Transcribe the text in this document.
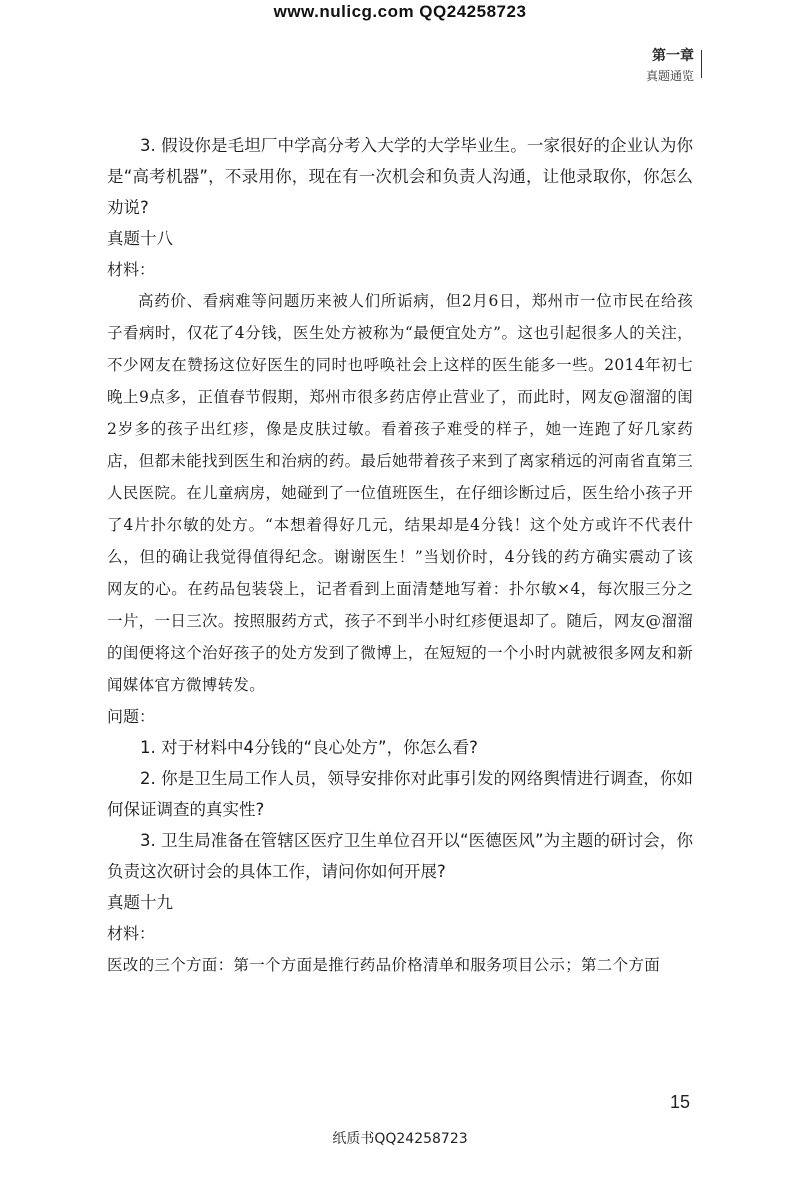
www.nulicg.com QQ24258723
第一章
真题通览

3. 假设你是毛坦厂中学高分考入大学的大学毕业生。一家很好的企业认为你是“高考机器”，不录用你，现在有一次机会和负责人沟通，让他录取你，你怎么劝说?

真题十八

材料：

高药价、看病难等问题历来被人们所诟病，但2月6日，郑州市一位市民在给孩子看病时，仅花了4分钱，医生处方被称为“最便宜处方”。这也引起很多人的关注，不少网友在赞扬这位好医生的同时也呼唤社会上这样的医生能多一些。2014年初七晚上9点多，正值春节假期，郑州市很多药店停止营业了，而此时，网友@溜溜的闺2岁多的孩子出红疹，像是皮肤过敏。看着孩子难受的样子，她一连跑了好几家药店，但都未能找到医生和治病的药。最后她带着孩子来到了离家稍远的河南省直第三人民医院。在儿童病房，她碰到了一位值班医生，在仔细诊断过后，医生给小孩子开了4片扑尔敏的处方。“本想着得好几元，结果却是4分钱！这个处方或许不代表什么，但的确让我觉得值得纪念。谢谢医生！”当划价时，4分钱的药方确实震动了该网友的心。在药品包装袋上，记者看到上面清楚地写着：扑尔敏×4，每次服三分之一片，一日三次。按照服药方式，孩子不到半小时红疹便退却了。随后，网友@溜溜的闺便将这个治好孩子的处方发到了微博上，在短短的一个小时内就被很多网友和新闻媒体官方微博转发。

问题：

1. 对于材料中4分钱的“良心处方”，你怎么看?

2. 你是卫生局工作人员，领导安排你对此事引发的网络舆情进行调查，你如何保证调查的真实性?

3. 卫生局准备在管辖区医疗卫生单位召开以“医德医风”为主题的研讨会，你负责这次研讨会的具体工作，请问你如何开展?

真题十九

材料：

医改的三个方面：第一个方面是推行药品价格清单和服务项目公示；第二个方面

15
纸质书QQ24258723
